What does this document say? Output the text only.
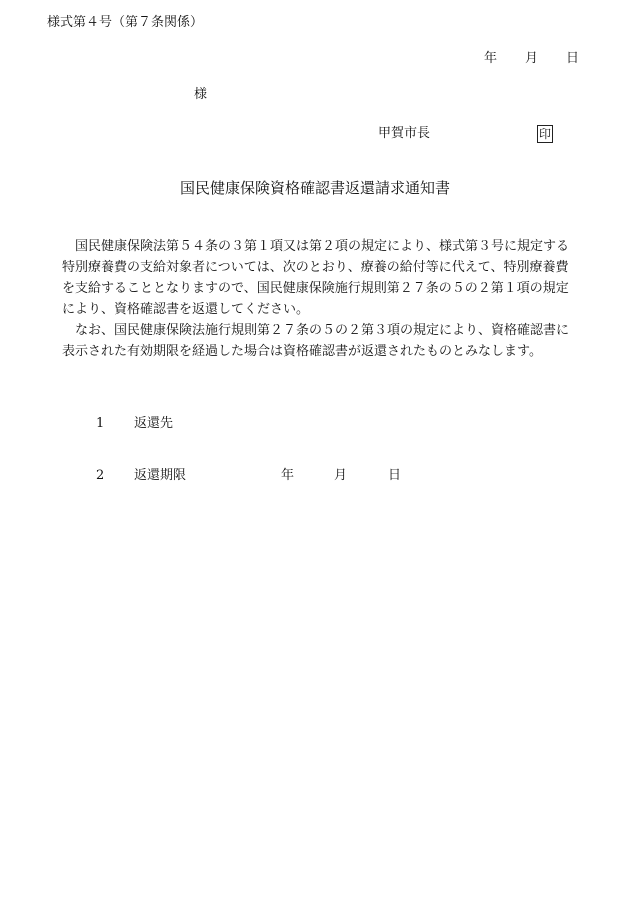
様式第４号（第７条関係）
年 月 日
様
甲賀市長	印
国民健康保険資格確認書返還請求通知書
国民健康保険法第５４条の３第１項又は第２項の規定により、様式第３号に規定する
特別療養費の支給対象者については、次のとおり、療養の給付等に代えて、特別療養費
を支給することとなりますので、国民健康保険施行規則第２７条の５の２第１項の規定
により、資格確認書を返還してください。
なお、国民健康保険法施行規則第２７条の５の２第３項の規定により、資格確認書に
表示された有効期限を経過した場合は資格確認書が返還されたものとみなします。
1 返還先
2 返還期限	年	月	日
